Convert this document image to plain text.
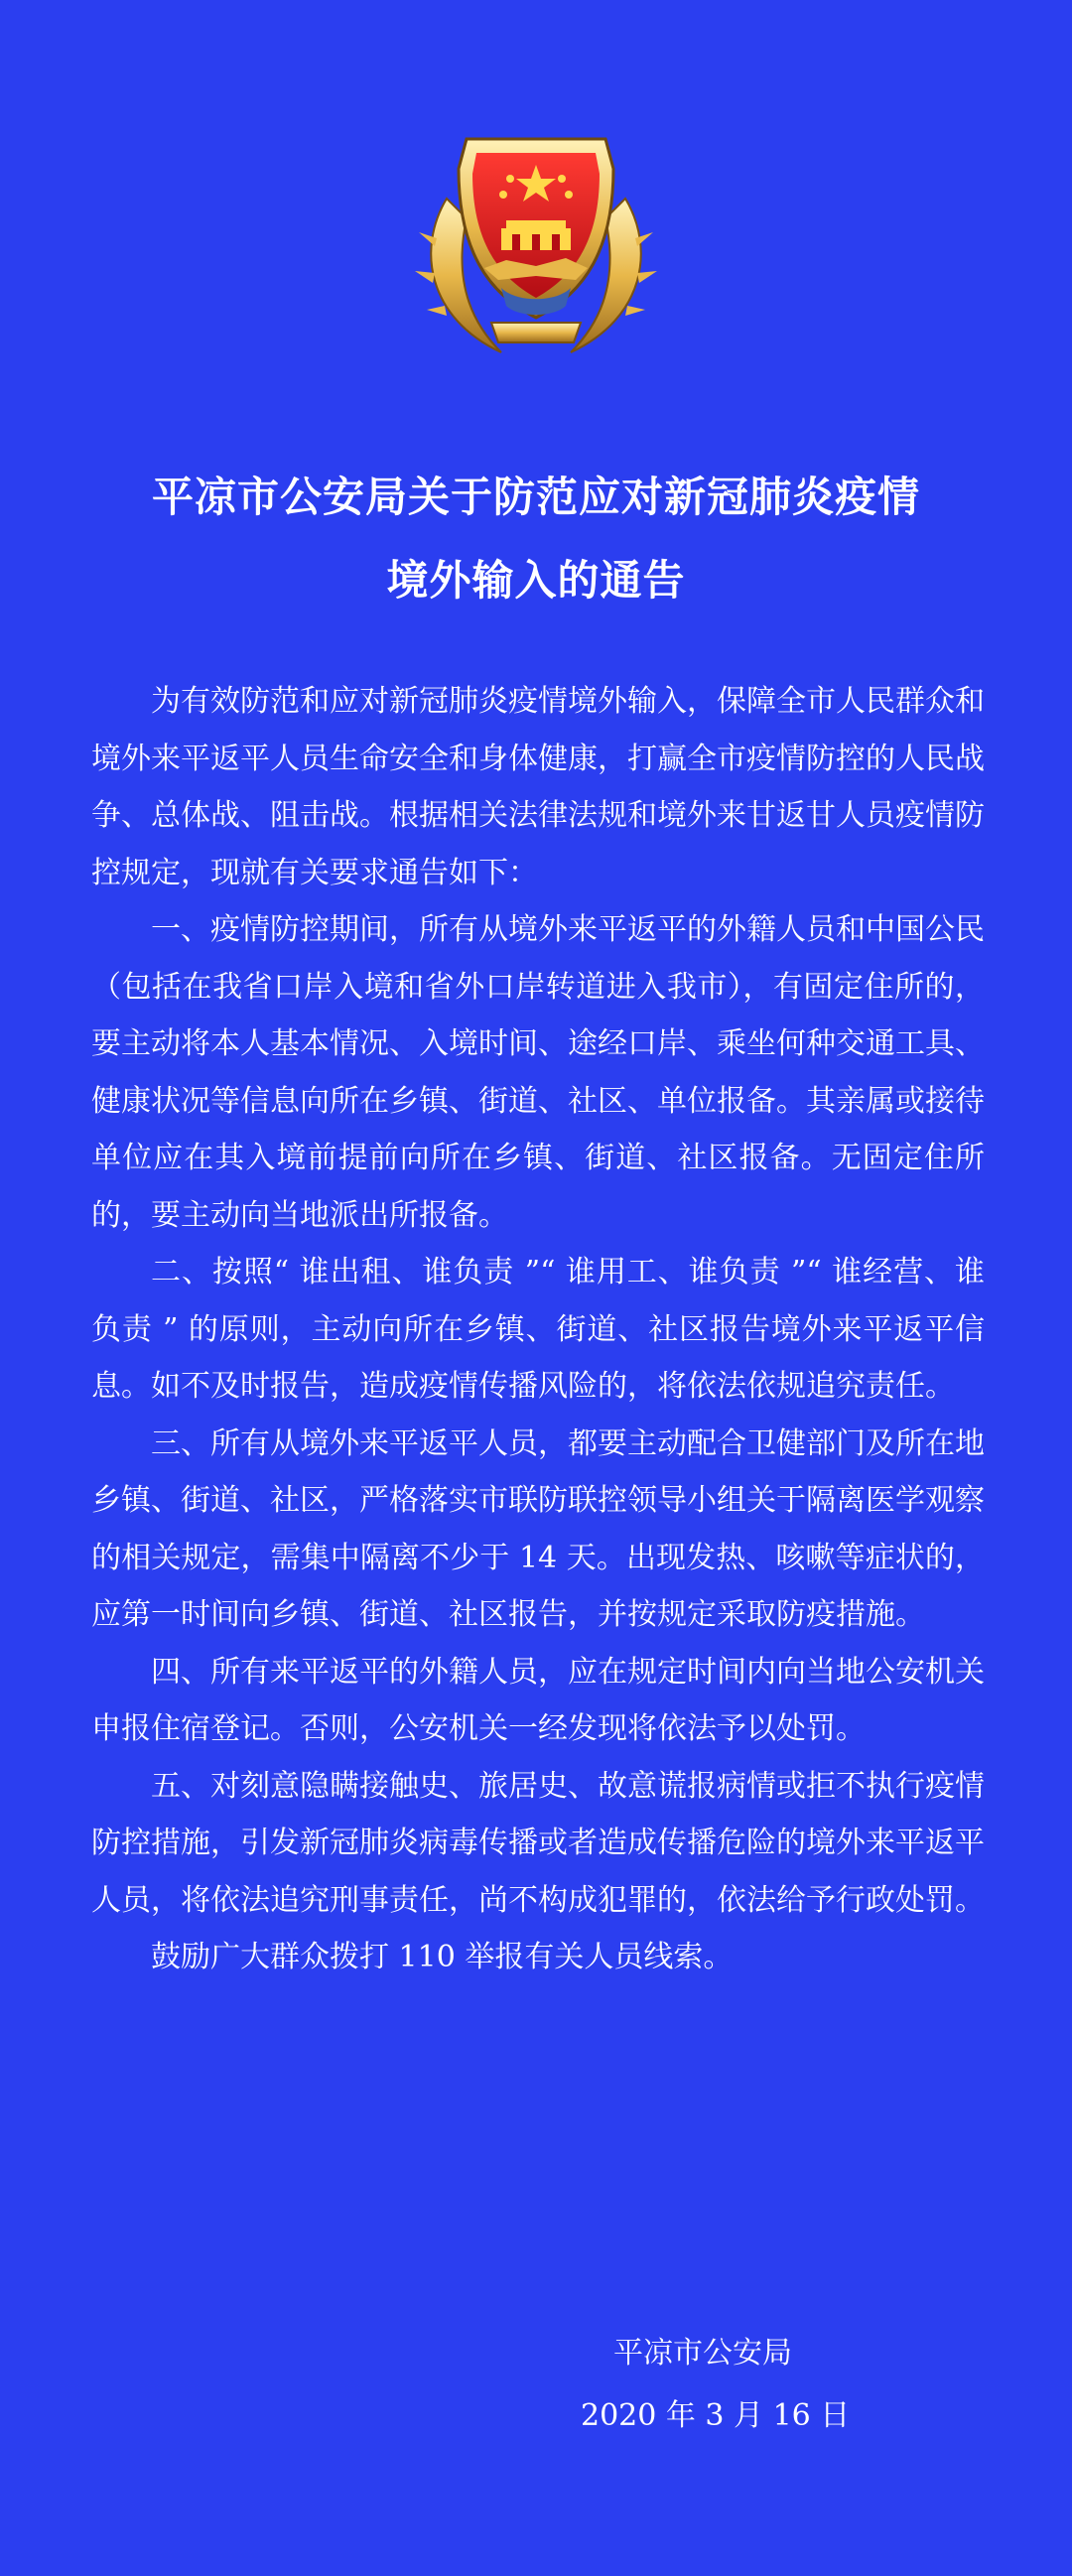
平凉市公安局关于防范应对新冠肺炎疫情
境外输入的通告

为有效防范和应对新冠肺炎疫情境外输入，保障全市人民群众和境外来平返平人员生命安全和身体健康，打赢全市疫情防控的人民战争、总体战、阻击战。根据相关法律法规和境外来甘返甘人员疫情防控规定，现就有关要求通告如下：

一、疫情防控期间，所有从境外来平返平的外籍人员和中国公民（包括在我省口岸入境和省外口岸转道进入我市），有固定住所的，要主动将本人基本情况、入境时间、途经口岸、乘坐何种交通工具、健康状况等信息向所在乡镇、街道、社区、单位报备。其亲属或接待单位应在其入境前提前向所在乡镇、街道、社区报备。无固定住所的，要主动向当地派出所报备。

二、按照“ 谁出租、谁负责 ”“ 谁用工、谁负责 ”“ 谁经营、谁负责 ” 的原则，主动向所在乡镇、街道、社区报告境外来平返平信息。如不及时报告，造成疫情传播风险的，将依法依规追究责任。

三、所有从境外来平返平人员，都要主动配合卫健部门及所在地乡镇、街道、社区，严格落实市联防联控领导小组关于隔离医学观察的相关规定，需集中隔离不少于 14 天。出现发热、咳嗽等症状的，应第一时间向乡镇、街道、社区报告，并按规定采取防疫措施。

四、所有来平返平的外籍人员，应在规定时间内向当地公安机关申报住宿登记。否则，公安机关一经发现将依法予以处罚。

五、对刻意隐瞒接触史、旅居史、故意谎报病情或拒不执行疫情防控措施，引发新冠肺炎病毒传播或者造成传播危险的境外来平返平人员，将依法追究刑事责任，尚不构成犯罪的，依法给予行政处罚。

鼓励广大群众拨打 110 举报有关人员线索。

平凉市公安局
2020 年 3 月 16 日
